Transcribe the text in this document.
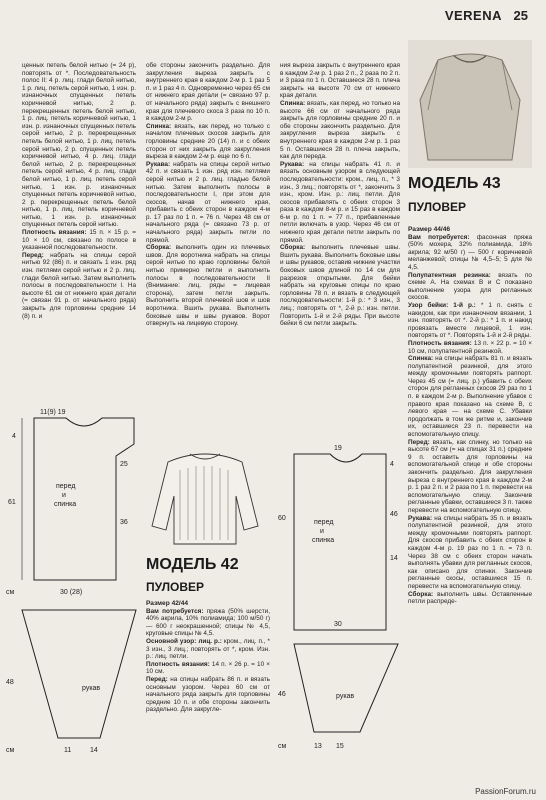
VERENA 25

ценных петель белой нитью (= 24 р), повторять от *. Последовательность полос II: 4 р. лиц. глади белой нитью, 1 р. лиц. петель серой нитью, 1 изн. р. изнаночных спущенных петель коричневой нитью, 2 р. перекрещенных петель белой нитью, 1 р. лиц. петель коричневой нитью, 1 изн. р. изнаночных спущенных петель серой нитью, 2 р. перекрещенных петель белой нитью, 1 р. лиц. петель серой нитью, 2 р. спущенных петель коричневой нитью, 4 р. лиц. глади белой нитью, 2 р. перекрещенных петель серой нитью, 4 р. лиц. глади белой нитью, 1 р. лиц. петель серой нитью, 1 изн. р. изнаночных спущенных петель коричневой нитью, 2 р. перекрещенных петель белой нитью, 1 р. лиц. петель коричневой нитью, 1 изн. р. изнаночных спущенных петель серой нитью.

Плотность вязания: 15 п. × 15 р. = 10 × 10 см, связано по полосе в указанной последовательности.

Перед: набрать на спицы серой нитью 92 (86) п. и связать 1 изн. ряд изн. петлями серой нитью и 2 р. лиц. глади белой нитью. Затем выполнить полосы в последовательности I. На высоте 61 см от нижнего края детали (= связан 91 р. от начального ряда) закрыть для горловины средние 14 (8) п. и

обе стороны закончить раздельно. Для закругления выреза закрыть с внутреннего края в каждом 2-м р. 1 раз 5 п. и 1 раз 4 п. Одновременно через 65 см от нижнего края детали (= связано 97 р. от начального ряда) закрыть с внешнего края для плечевого скоса 3 раза по 10 п. в каждом 2-м р.

Спинка: вязать, как перед, но только с началом плечевых скосов закрыть для горловины средние 20 (14) п. и с обеих сторон от них закрыть для закругления выреза в каждом 2-м р. еще по 6 п.

Рукава: набрать на спицы серой нитью 42 п. и связать 1 изн. ряд изн. петлями серой нитью и 2 р. лиц. гладью белой нитью. Затем выполнить полосы в последовательности I, при этом для скосов, начав от нижнего края, прибавить с обеих сторон в каждом 4-м р. 17 раз по 1 п. = 76 п. Через 48 см от начального ряда (= связано 73 р. от начального ряда) закрыть петли по прямой.

Сборка: выполнить один из плечевых швов. Для воротника набрать на спицы серой нитью по краю горловины белой нитью примерно петли и выполнить полосы в последовательности II (Внимание: лиц. ряды = лицевая сторона), затем петли закрыть. Выполнить второй плечевой шов и шов воротника. Вшить рукава. Выполнить боковые швы и швы рукавов. Ворот отвернуть на лицевую сторону.

ния выреза закрыть с внутреннего края в каждом 2-м р. 1 раз 2 п., 2 раза по 2 п. и 3 раза по 1 п. Оставшиеся 28 п. плеча закрыть на высоте 70 см от нижнего края детали.

Спинка: вязать, как перед, но только на высоте 66 см от начального ряда закрыть для горловины средние 20 п. и обе стороны закончить раздельно. Для закругления выреза закрыть с внутреннего края в каждом 2-м р. 1 раз 5 п. Оставшиеся 28 п. плеча закрыть, как для переда.

Рукава: на спицы набрать 41 п. и вязать основным узором в следующей последовательности: кром., лиц. п., * 3 изн., 3 лиц.; повторять от *, закончить 3 изн., кром. Изн. р.: лиц. петли. Для скосов прибавлять с обеих сторон 3 раза в каждом 8-м р. и 15 раз в каждом 6-м р. по 1 п. = 77 п., прибавленные петли включать в узор. Через 46 см от нижнего края детали петли закрыть по прямой.

Сборка: выполнить плечевые швы. Вшить рукава. Выполнить боковые швы и швы рукавов, оставив нижние участки боковых швов длиной по 14 см для разрезов открытыми. Для бейки набрать на круговые спицы по краю горловины 78 п. и вязать в следующей последовательности: 1-й р.: * 3 изн., 3 лиц.; повторять от *, 2-й р.: изн. петли. Повторить 1-й и 2-й ряды. При высоте бейки 6 см петли закрыть.

МОДЕЛЬ 43
ПУЛОВЕР

Размер 44/46

Вам потребуется: фасонная пряжа (50% мохера, 32% полиамида, 18% акрила; 92 м/50 г) — 500 г коричневой меланжевой; спицы № 4,5–5; 5 для № 4,5.

Полупатентная резинка: вязать по схеме A. На схемах B и C показано выполнение узора для регланных скосов.

Узор бейки: 1-й р.: * 1 п. снять с накидом, как при изнаночном вязании, 1 изн. повторять от *. 2-й р.: * 1 п. и накид провязать вместе лицевой, 1 изн. повторять от *. Повторять 1-й и 2-й ряды.

Плотность вязания: 13 п. × 22 р. = 10 × 10 см, полупатентной резинкой.

Спинка: на спицы набрать 81 п. и вязать полупатентной резинкой, для этого между кромочными повторять раппорт. Через 45 см (= лиц. р.) убавить с обеих сторон для регланных скосов 29 раз по 1 п. в каждом 2-м р. Выполнение убавок с правого края показано на схеме B, с левого края — на схеме C. Убавки продолжать в том же ритме и, закончив их, оставшиеся 23 п. перевести на вспомогательную спицу.

Перед: вязать, как спинку, но только на высоте 67 см (= на спицах 31 п.) средние 9 п. оставить для горловины на вспомогательной спице и обе стороны закончить раздельно. Для закругления выреза с внутреннего края в каждом 2-м р. 1 раз 2 п. и 2 раза по 1 п. перевести на вспомогательную спицу. Закончив регланные убавки, оставшиеся 3 п. также перевести на вспомогательную спицу.

Рукава: на спицы набрать 35 п. и вязать полупатентной резинкой, для этого между кромочными повторять раппорт. Для скосов прибавить с обеих сторон в каждом 4-м р. 19 раз по 1 п. = 73 п. Через 38 см с обеих сторон начать выполнять убавки для регланных скосов, как описано для спинки. Закончив регланные скосы, оставшиеся 15 п. перевести на вспомогательную спицу.

Сборка: выполнить швы. Оставленные петли распреде-

МОДЕЛЬ 42
ПУЛОВЕР

Размер 42/44

Вам потребуется: пряжа (50% шерсти, 40% акрила, 10% полиамида; 100 м/50 г) — 600 г неокрашенной; спицы № 4,5, круговые спицы № 4,5.

Основной узор: лиц. р.: кром., лиц. п., * 3 изн., 3 лиц.; повторять от *, кром. Изн. р.: лиц. петли.

Плотность вязания: 14 п. × 26 р. = 10 × 10 см.

Перед: на спицы набрать 86 п. и вязать основным узором. Через 60 см от начального ряда закрыть для горловины средние 10 п. и обе стороны закончить раздельно. Для закругле-

11(9) 19
4
25
61
36
перед
и
спинка
30 (28)
см
48
рукав
11	14
см
19
4
14
60
46
перед
и
спинка
30
46	рукав
13 15
см
PassionForum.ru
